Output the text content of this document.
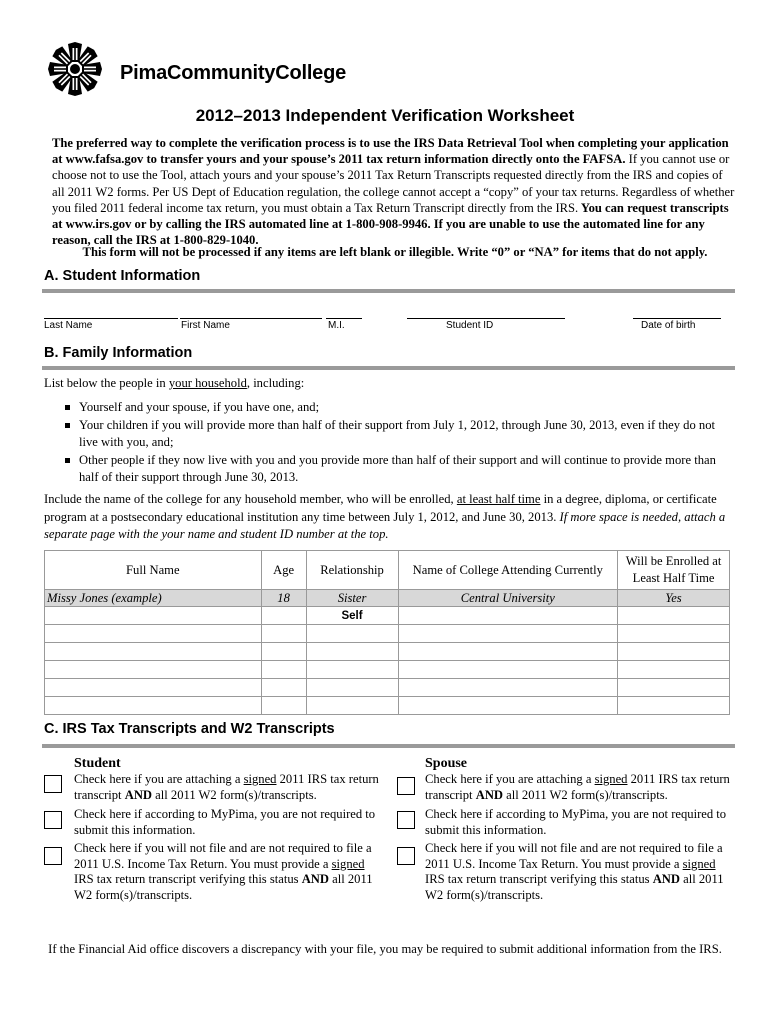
PimaCommunityCollege
2012–2013 Independent Verification Worksheet
The preferred way to complete the verification process is to use the IRS Data Retrieval Tool when completing your application at www.fafsa.gov to transfer yours and your spouse’s 2011 tax return information directly onto the FAFSA. If you cannot use or choose not to use the Tool, attach yours and your spouse’s 2011 Tax Return Transcripts requested directly from the IRS and copies of all 2011 W2 forms. Per US Dept of Education regulation, the college cannot accept a “copy” of your tax returns. Regardless of whether you filed 2011 federal income tax return, you must obtain a Tax Return Transcript directly from the IRS. You can request transcripts at www.irs.gov or by calling the IRS automated line at 1-800-908-9946. If you are unable to use the automated line for any reason, call the IRS at 1-800-829-1040.
This form will not be processed if any items are left blank or illegible. Write “0” or “NA” for items that do not apply.
A. Student Information
Last Name	First Name	M.I.	Student ID	Date of birth
B. Family Information
List below the people in your household, including:
Yourself and your spouse, if you have one, and;
Your children if you will provide more than half of their support from July 1, 2012, through June 30, 2013, even if they do not live with you, and;
Other people if they now live with you and you provide more than half of their support and will continue to provide more than half of their support through June 30, 2013.
Include the name of the college for any household member, who will be enrolled, at least half time in a degree, diploma, or certificate program at a postsecondary educational institution any time between July 1, 2012, and June 30, 2013. If more space is needed, attach a separate page with the your name and student ID number at the top.
Full Name	Age	Relationship	Name of College Attending Currently	Will be Enrolled at Least Half Time
Missy Jones (example)	18	Sister	Central University	Yes
		Self		

C. IRS Tax Transcripts and W2 Transcripts
Student	Spouse
Check here if you are attaching a signed 2011 IRS tax return transcript AND all 2011 W2 form(s)/transcripts.
Check here if according to MyPima, you are not required to submit this information.
Check here if you will not file and are not required to file a 2011 U.S. Income Tax Return. You must provide a signed IRS tax return transcript verifying this status AND all 2011 W2 form(s)/transcripts.
Check here if you are attaching a signed 2011 IRS tax return transcript AND all 2011 W2 form(s)/transcripts.
Check here if according to MyPima, you are not required to submit this information.
Check here if you will not file and are not required to file a 2011 U.S. Income Tax Return. You must provide a signed IRS tax return transcript verifying this status AND all 2011 W2 form(s)/transcripts.
If the Financial Aid office discovers a discrepancy with your file, you may be required to submit additional information from the IRS.
